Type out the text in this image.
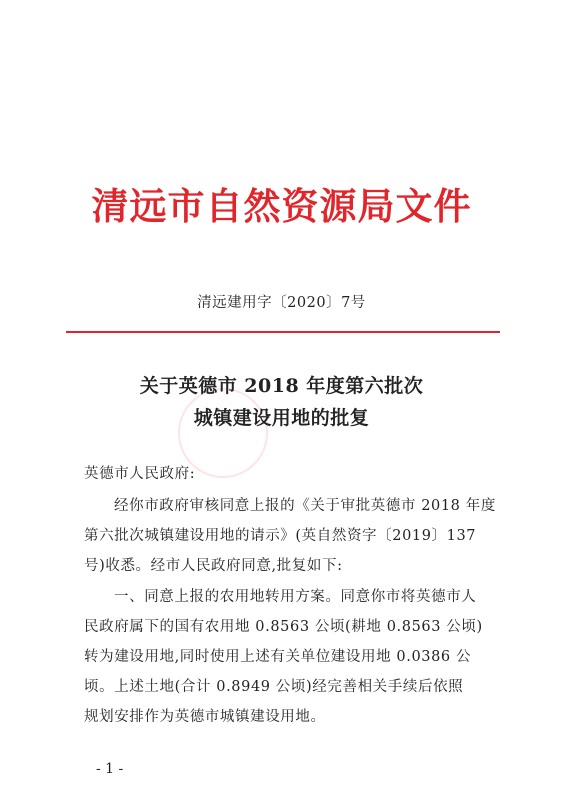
清远市自然资源局文件
清远建用字〔2020〕7号
关于英德市 2018 年度第六批次
城镇建设用地的批复
英德市人民政府:
经你市政府审核同意上报的《关于审批英德市 2018 年度
第六批次城镇建设用地的请示》(英自然资字〔2019〕137
号)收悉。经市人民政府同意,批复如下:
一、同意上报的农用地转用方案。同意你市将英德市人
民政府属下的国有农用地 0.8563 公顷(耕地 0.8563 公顷)
转为建设用地,同时使用上述有关单位建设用地 0.0386 公
顷。上述土地(合计 0.8949 公顷)经完善相关手续后依照
规划安排作为英德市城镇建设用地。
- 1 -
